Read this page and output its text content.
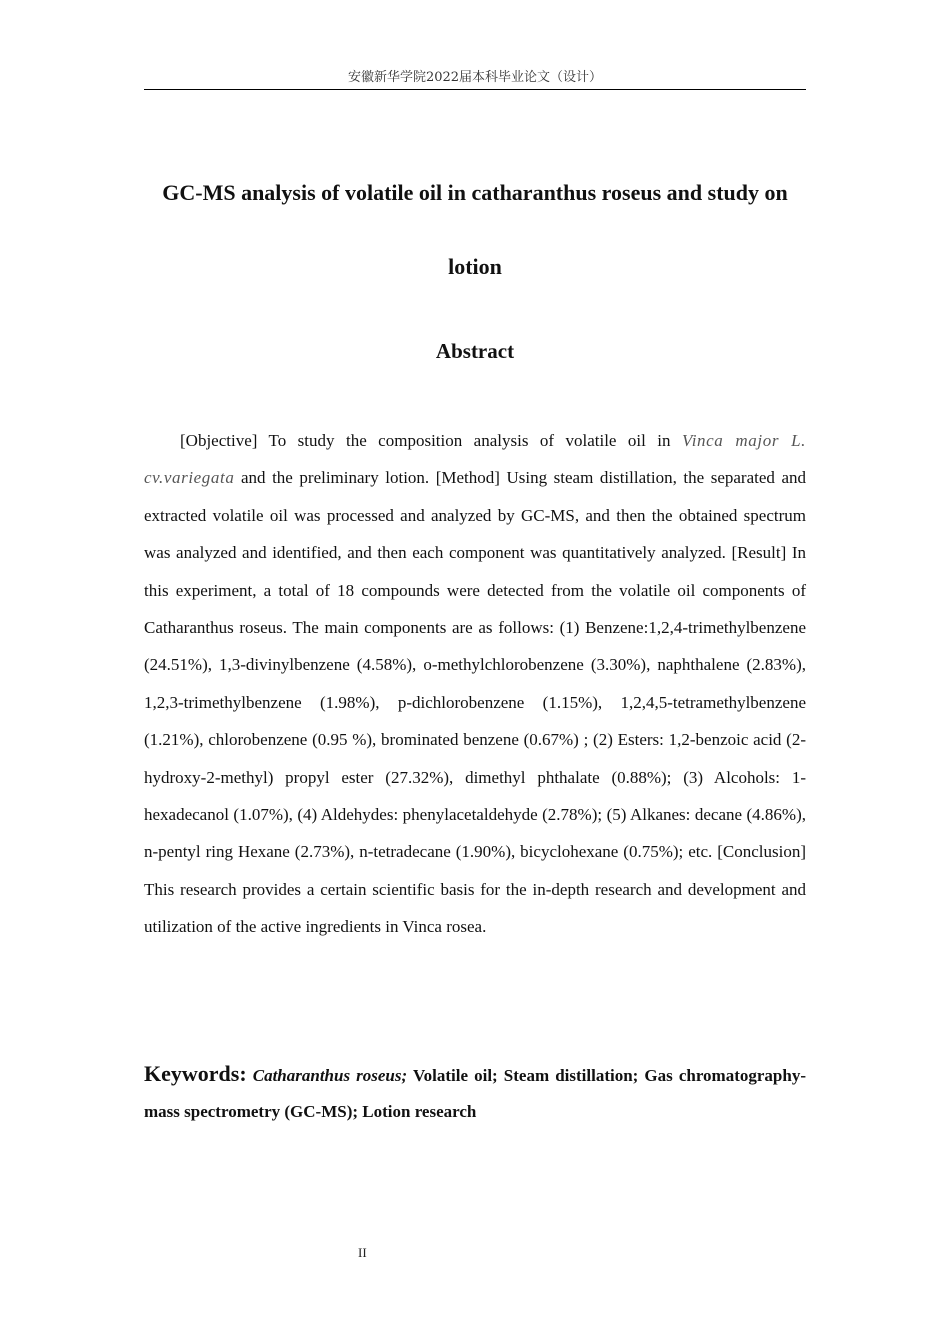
安徽新华学院2022届本科毕业论文（设计）
GC-MS analysis of volatile oil in catharanthus roseus and study on lotion
Abstract

[Objective] To study the composition analysis of volatile oil in Vinca major L. cv.variegata and the preliminary lotion. [Method] Using steam distillation, the separated and extracted volatile oil was processed and analyzed by GC-MS, and then the obtained spectrum was analyzed and identified, and then each component was quantitatively analyzed. [Result] In this experiment, a total of 18 compounds were detected from the volatile oil components of Catharanthus roseus. The main components are as follows: (1) Benzene:1,2,4-trimethylbenzene (24.51%), 1,3-divinylbenzene (4.58%), o-methylchlorobenzene (3.30%), naphthalene (2.83%), 1,2,3-trimethylbenzene (1.98%), p-dichlorobenzene (1.15%), 1,2,4,5-tetramethylbenzene (1.21%), chlorobenzene (0.95 %), brominated benzene (0.67%) ; (2) Esters: 1,2-benzoic acid (2-hydroxy-2-methyl) propyl ester (27.32%), dimethyl phthalate (0.88%); (3) Alcohols: 1-hexadecanol (1.07%), (4) Aldehydes: phenylacetaldehyde (2.78%); (5) Alkanes: decane (4.86%), n-pentyl ring Hexane (2.73%), n-tetradecane (1.90%), bicyclohexane (0.75%); etc. [Conclusion] This research provides a certain scientific basis for the in-depth research and development and utilization of the active ingredients in Vinca rosea.

Keywords: Catharanthus roseus; Volatile oil; Steam distillation; Gas chromatography-mass spectrometry (GC-MS); Lotion research

II
